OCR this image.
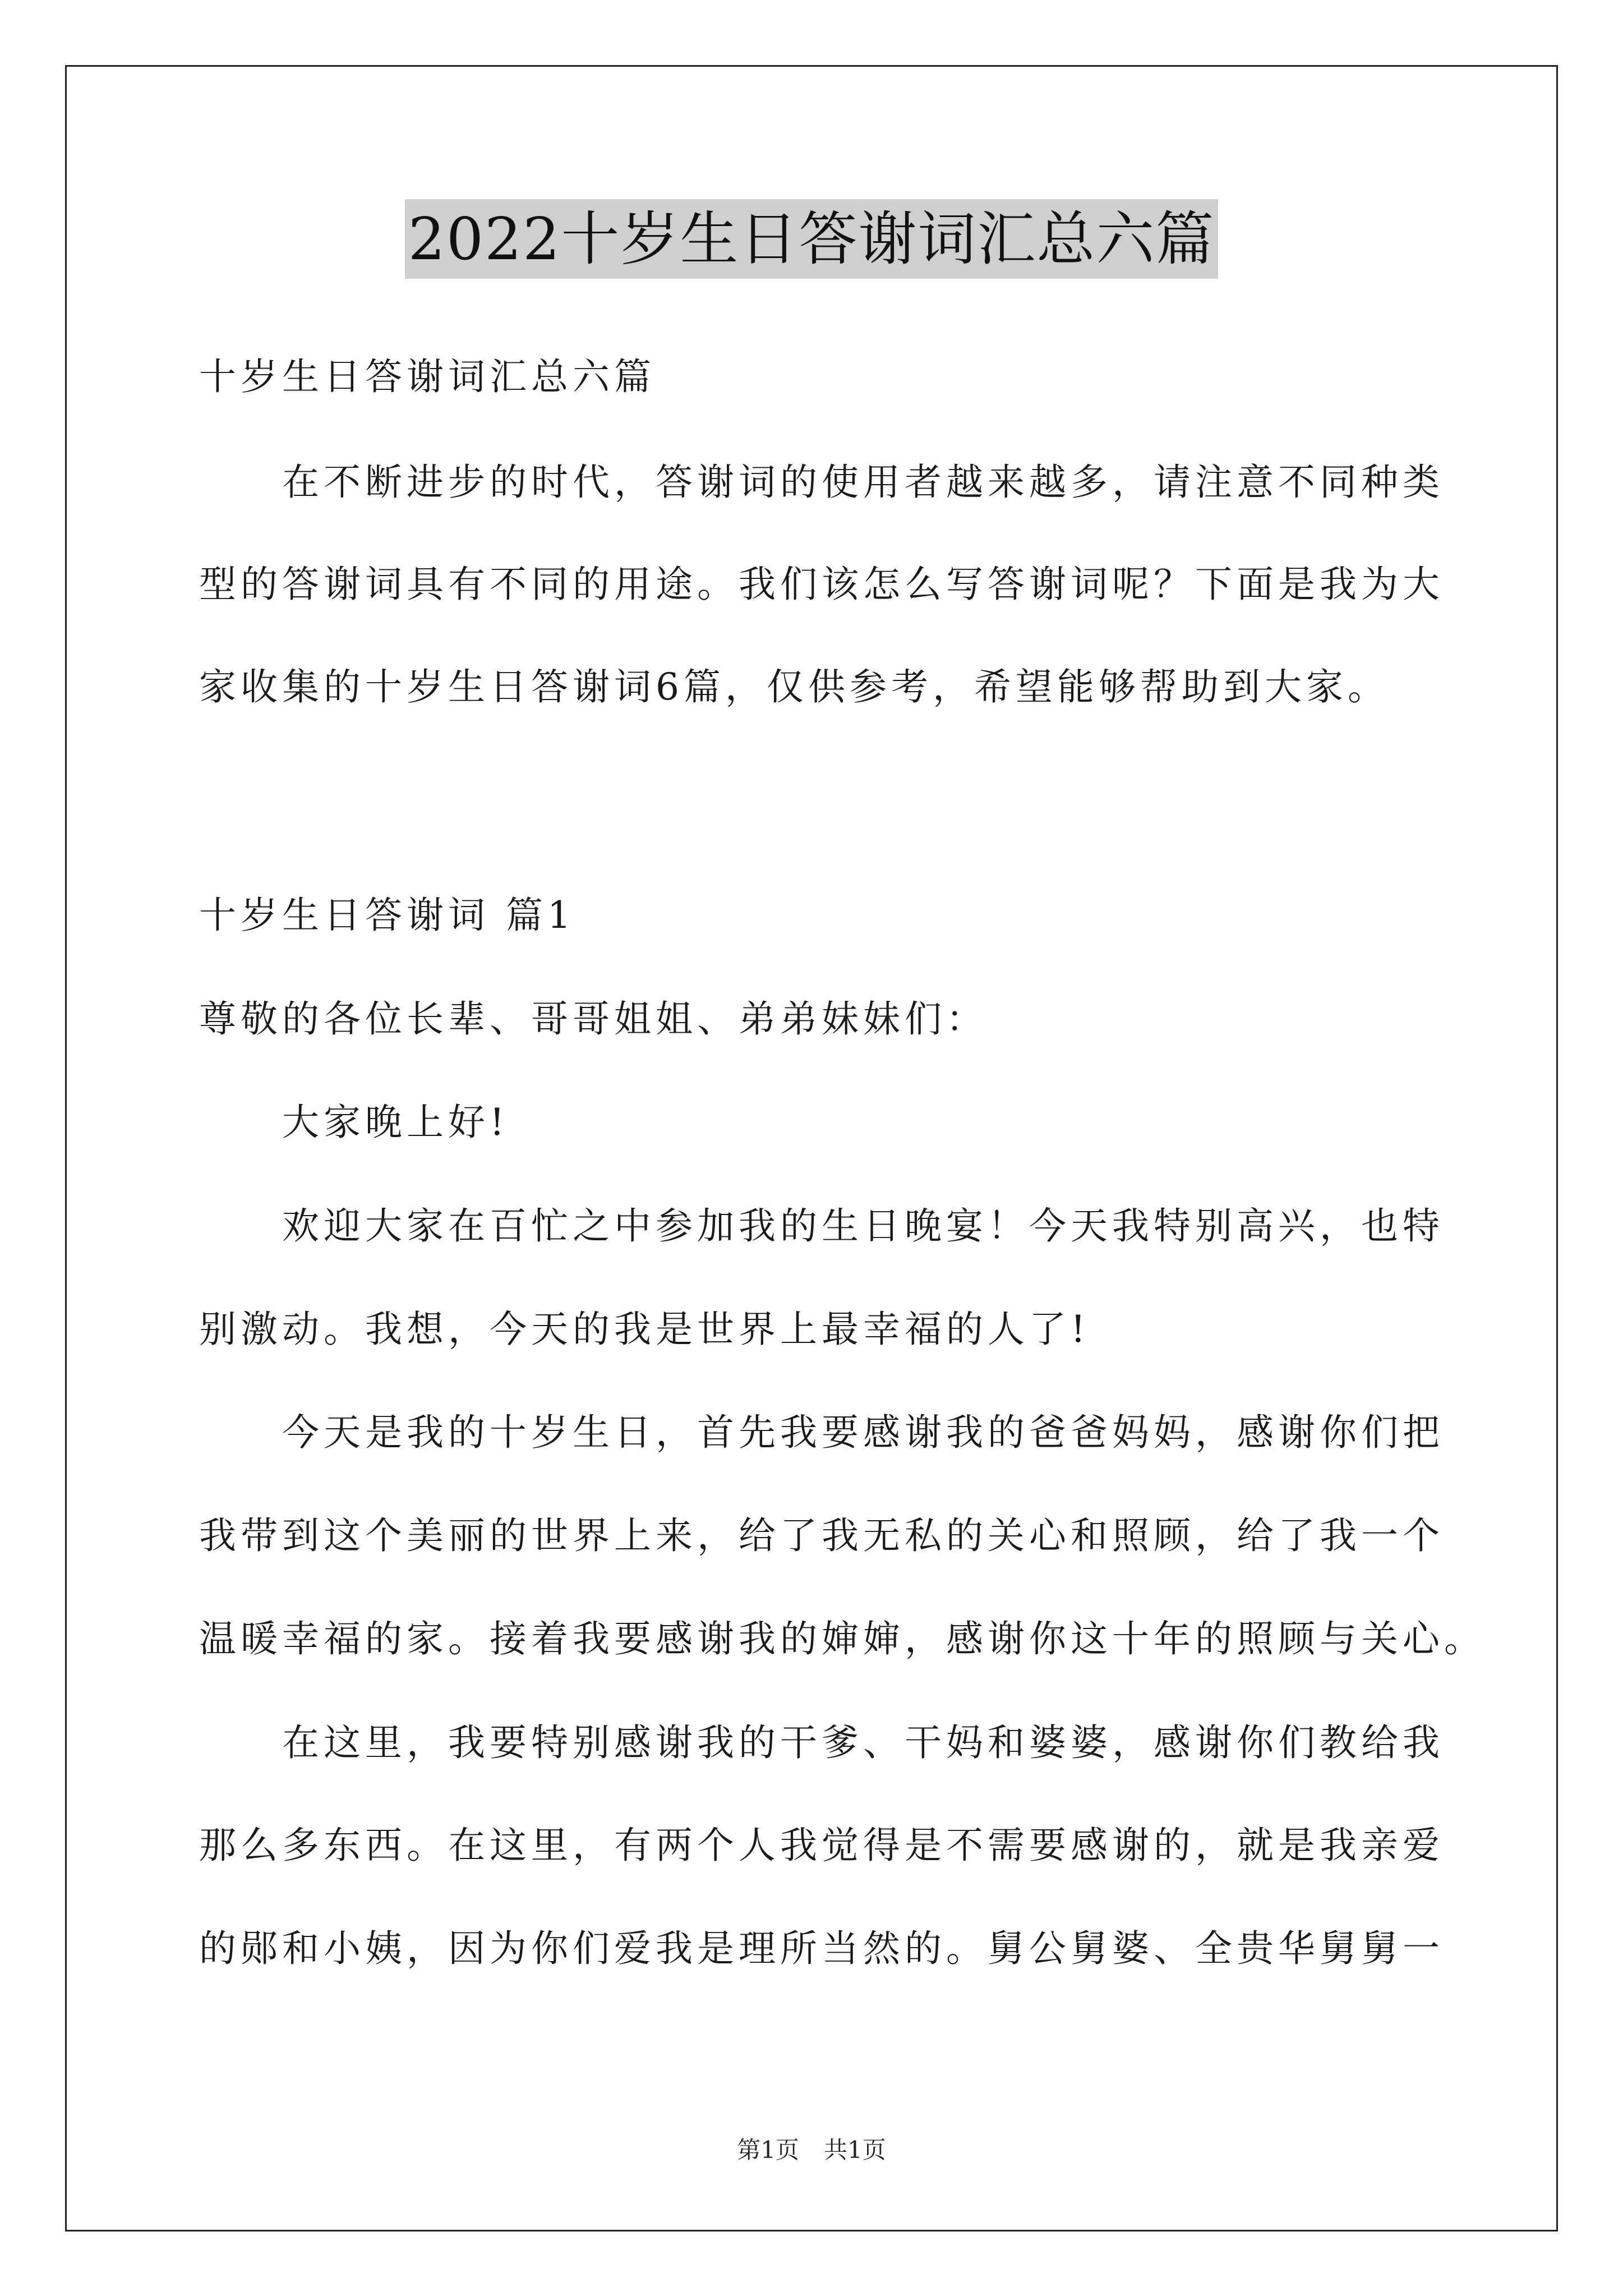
2022十岁生日答谢词汇总六篇
十岁生日答谢词汇总六篇
在不断进步的时代，答谢词的使用者越来越多，请注意不同种类
型的答谢词具有不同的用途。我们该怎么写答谢词呢？下面是我为大
家收集的十岁生日答谢词6篇，仅供参考，希望能够帮助到大家。
十岁生日答谢词 篇1
尊敬的各位长辈、哥哥姐姐、弟弟妹妹们：
大家晚上好!
欢迎大家在百忙之中参加我的生日晚宴！今天我特别高兴，也特
别激动。我想，今天的我是世界上最幸福的人了!
今天是我的十岁生日，首先我要感谢我的爸爸妈妈，感谢你们把
我带到这个美丽的世界上来，给了我无私的关心和照顾，给了我一个
温暖幸福的家。接着我要感谢我的婶婶，感谢你这十年的照顾与关心。
在这里，我要特别感谢我的干爹、干妈和婆婆，感谢你们教给我
那么多东西。在这里，有两个人我觉得是不需要感谢的，就是我亲爱
的郧和小姨，因为你们爱我是理所当然的。舅公舅婆、全贵华舅舅一
第1页 共1页
